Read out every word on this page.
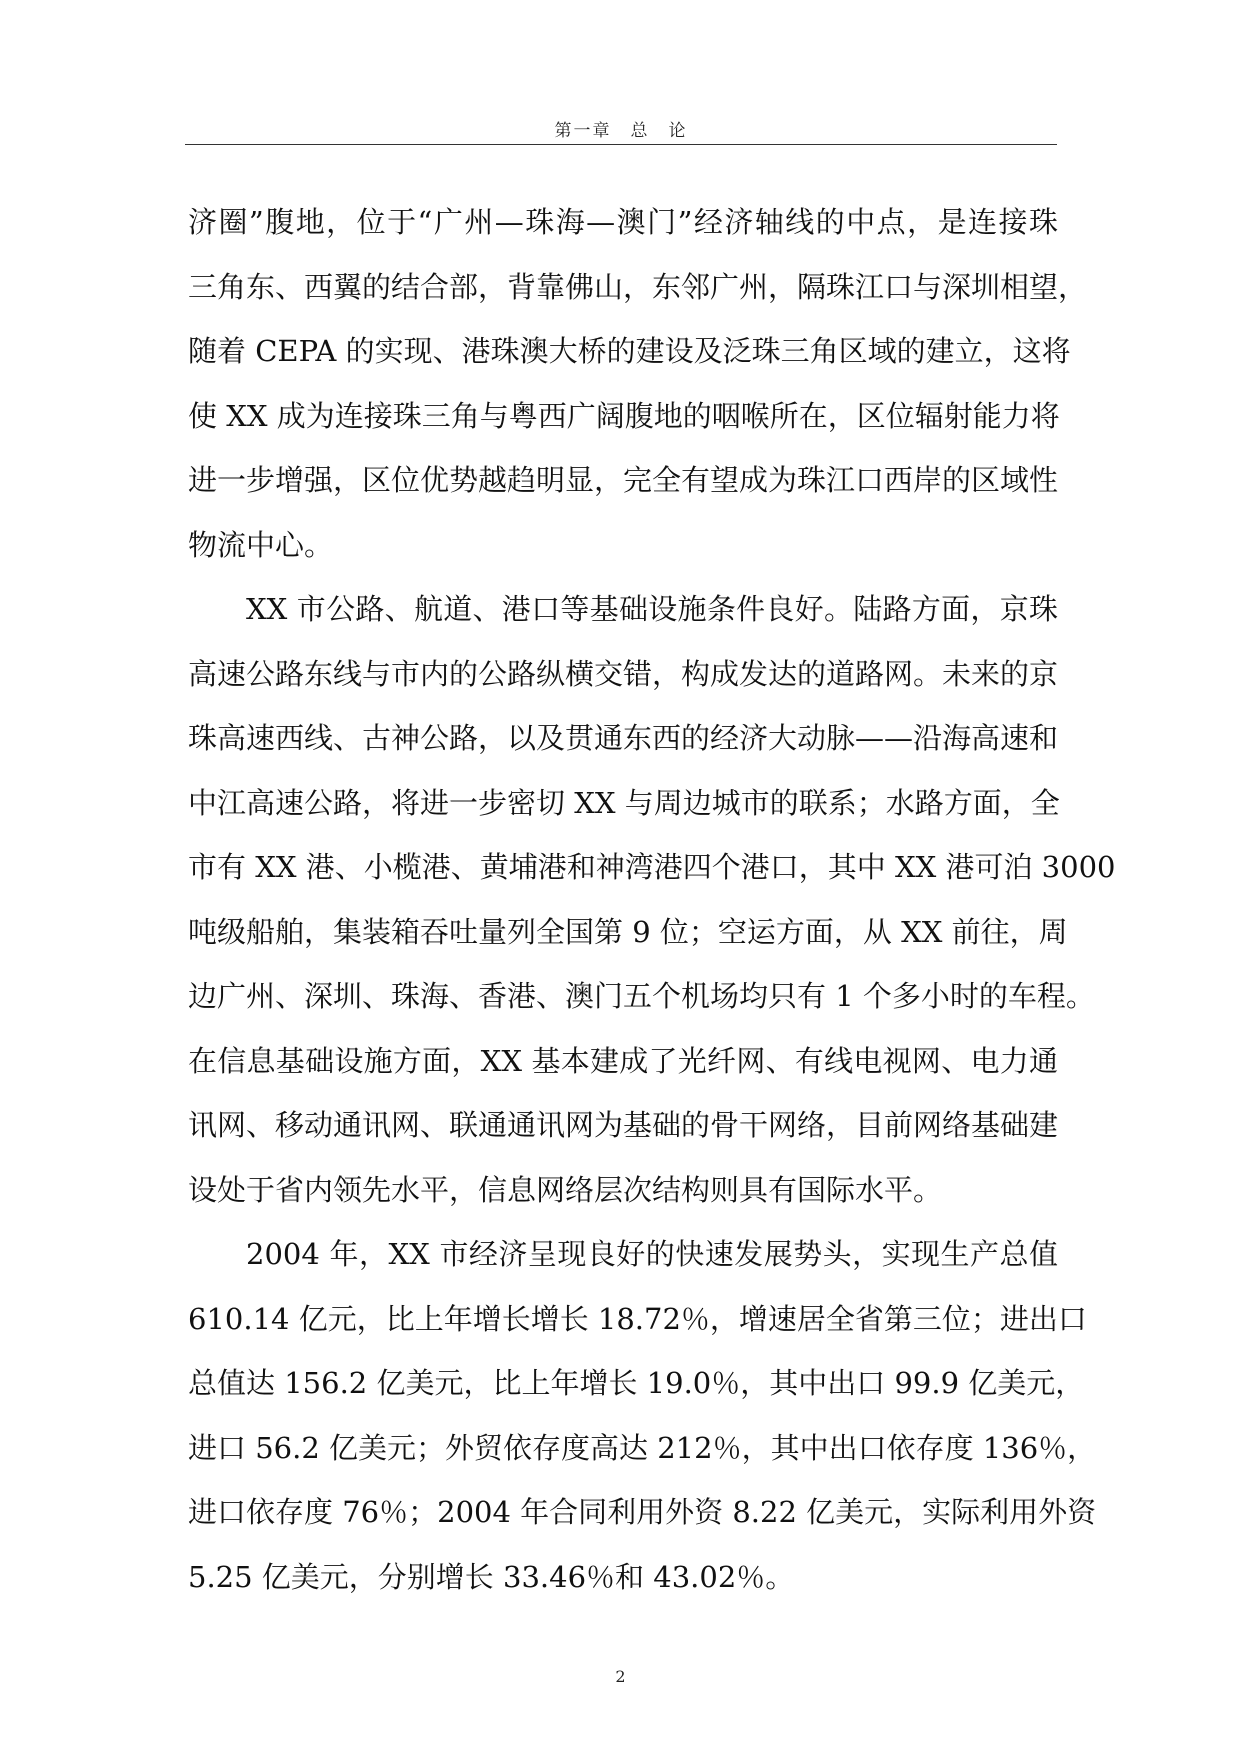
第一章　总　论
济圈”腹地，位于“广州—珠海—澳门”经济轴线的中点，是连接珠
三角东、西翼的结合部，背靠佛山，东邻广州，隔珠江口与深圳相望，
随着 CEPA 的实现、港珠澳大桥的建设及泛珠三角区域的建立，这将
使 XX 成为连接珠三角与粤西广阔腹地的咽喉所在，区位辐射能力将
进一步增强，区位优势越趋明显，完全有望成为珠江口西岸的区域性
物流中心。
XX 市公路、航道、港口等基础设施条件良好。陆路方面，京珠
高速公路东线与市内的公路纵横交错，构成发达的道路网。未来的京
珠高速西线、古神公路，以及贯通东西的经济大动脉——沿海高速和
中江高速公路，将进一步密切 XX 与周边城市的联系；水路方面，全
市有 XX 港、小榄港、黄埔港和神湾港四个港口，其中 XX 港可泊 3000
吨级船舶，集装箱吞吐量列全国第 9 位；空运方面，从 XX 前往，周
边广州、深圳、珠海、香港、澳门五个机场均只有 1 个多小时的车程。
在信息基础设施方面，XX 基本建成了光纤网、有线电视网、电力通
讯网、移动通讯网、联通通讯网为基础的骨干网络，目前网络基础建
设处于省内领先水平，信息网络层次结构则具有国际水平。
2004 年，XX 市经济呈现良好的快速发展势头，实现生产总值
610.14 亿元，比上年增长增长 18.72％，增速居全省第三位；进出口
总值达 156.2 亿美元，比上年增长 19.0％，其中出口 99.9 亿美元，
进口 56.2 亿美元；外贸依存度高达 212％，其中出口依存度 136％，
进口依存度 76％；2004 年合同利用外资 8.22 亿美元，实际利用外资
5.25 亿美元，分别增长 33.46％和 43.02％。
2
